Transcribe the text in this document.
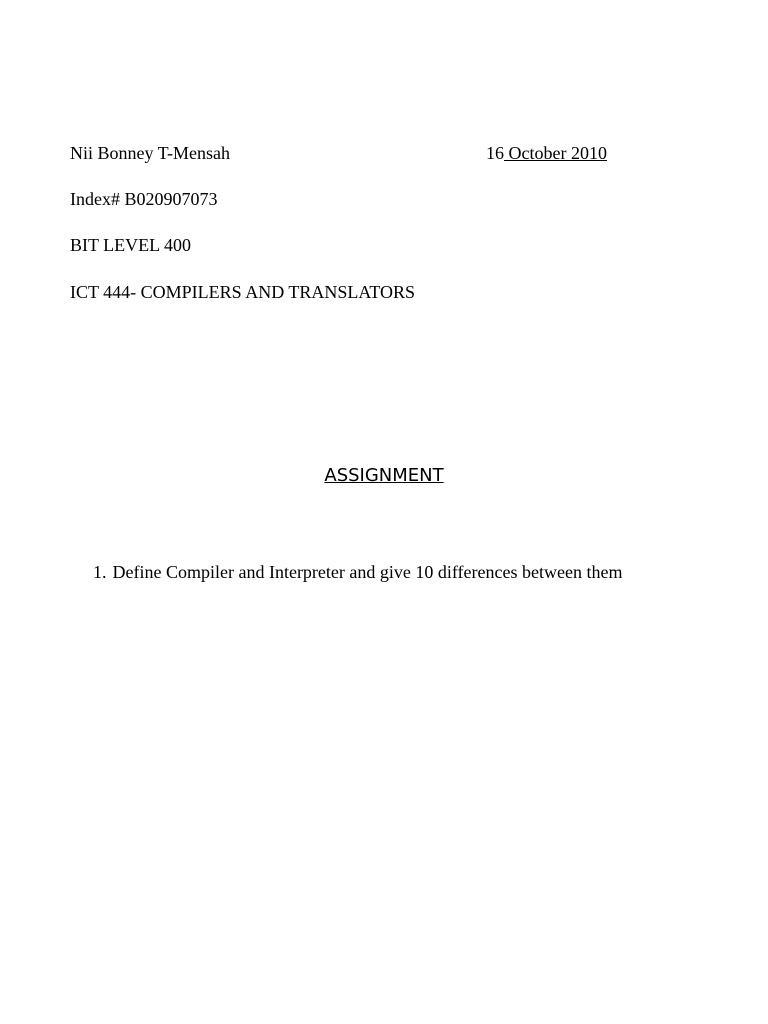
Nii Bonney T-Mensah	16 October 2010
Index# B020907073
BIT LEVEL 400
ICT 444- COMPILERS AND TRANSLATORS
ASSIGNMENT
1. Define Compiler and Interpreter and give 10 differences between them
